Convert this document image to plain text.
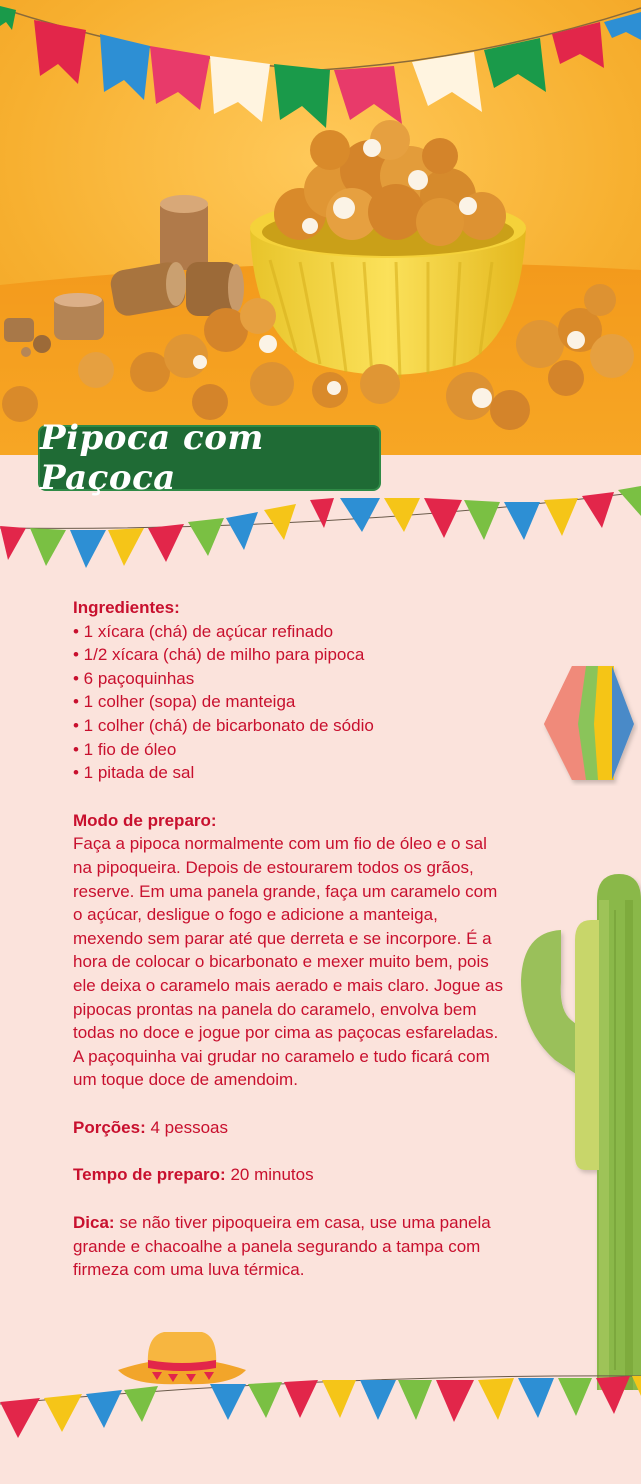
Pipoca com Paçoca
Ingredientes:
• 1 xícara (chá) de açúcar refinado
• 1/2 xícara (chá) de milho para pipoca
• 6 paçoquinhas
• 1 colher (sopa) de manteiga
• 1 colher (chá) de bicarbonato de sódio
• 1 fio de óleo
• 1 pitada de sal
Modo de preparo:

Faça a pipoca normalmente com um fio de óleo e o sal na pipoqueira. Depois de estourarem todos os grãos, reserve. Em uma panela grande, faça um caramelo com o açúcar, desligue o fogo e adicione a manteiga, mexendo sem parar até que derreta e se incorpore. É a hora de colocar o bicarbonato e mexer muito bem, pois ele deixa o caramelo mais aerado e mais claro. Jogue as pipocas prontas na panela do caramelo, envolva bem todas no doce e jogue por cima as paçocas esfareladas. A paçoquinha vai grudar no caramelo e tudo ficará com um toque doce de amendoim.

Porções: 4 pessoas

Tempo de preparo: 20 minutos

Dica: se não tiver pipoqueira em casa, use uma panela grande e chacoalhe a panela segurando a tampa com firmeza com uma luva térmica.
